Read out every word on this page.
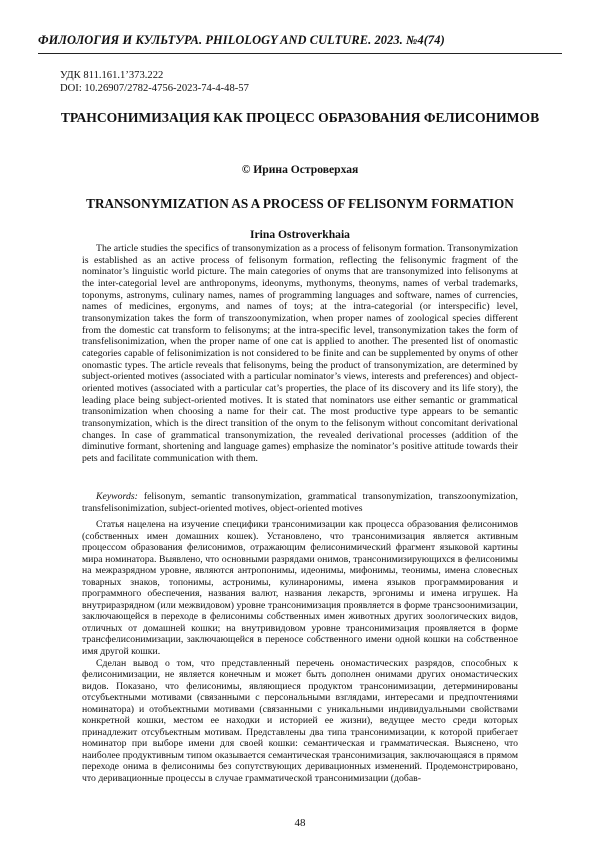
ФИЛОЛОГИЯ И КУЛЬТУРА. PHILOLOGY AND CULTURE. 2023. №4(74)
УДК 811.161.1’373.222
DOI: 10.26907/2782-4756-2023-74-4-48-57
ТРАНСОНИМИЗАЦИЯ КАК ПРОЦЕСС ОБРАЗОВАНИЯ ФЕЛИСОНИМОВ
© Ирина Островерхая
TRANSONYMIZATION AS A PROCESS OF FELISONYM FORMATION
Irina Ostroverkhaia
The article studies the specifics of transonymization as a process of felisonym formation. Transonymization is established as an active process of felisonym formation, reflecting the felisonymic fragment of the nominator’s linguistic world picture. The main categories of onyms that are transonymized into felisonyms at the inter-categorial level are anthroponyms, ideonyms, mythonyms, theonyms, names of verbal trademarks, toponyms, astronyms, culinary names, names of programming languages and software, names of currencies, names of medicines, ergonyms, and names of toys; at the intra-categorial (or interspecific) level, transonymization takes the form of transzoonymization, when proper names of zoological species different from the domestic cat transform to felisonyms; at the intra-specific level, transonymization takes the form of transfelisonimization, when the proper name of one cat is applied to another. The presented list of onomastic categories capable of felisonimization is not considered to be finite and can be supplemented by onyms of other onomastic types. The article reveals that felisonyms, being the product of transonymization, are determined by subject-oriented motives (associated with a particular nominator’s views, interests and preferences) and object-oriented motives (associated with a particular cat’s properties, the place of its discovery and its life story), the leading place being subject-oriented motives. It is stated that nominators use either semantic or grammatical transonimization when choosing a name for their cat. The most productive type appears to be semantic transonymization, which is the direct transition of the onym to the felisonym without concomitant derivational changes. In case of grammatical transonymization, the revealed derivational processes (addition of the diminutive formant, shortening and language games) emphasize the nominator’s positive attitude towards their pets and facilitate communication with them.
Keywords: felisonym, semantic transonymization, grammatical transonymization, transzoonymization, transfelisonimization, subject-oriented motives, object-oriented motives

Статья нацелена на изучение специфики трансонимизации как процесса образования фелисонимов (собственных имен домашних кошек). Установлено, что трансонимизация является активным процессом образования фелисонимов, отражающим фелисонимический фрагмент языковой картины мира номинатора. Выявлено, что основными разрядами онимов, трансонимизирующихся в фелисонимы на межразрядном уровне, являются антропонимы, идеонимы, мифонимы, теонимы, имена словесных товарных знаков, топонимы, астронимы, кулинаронимы, имена языков программирования и программного обеспечения, названия валют, названия лекарств, эргонимы и имена игрушек. На внутриразрядном (или межвидовом) уровне трансонимизация проявляется в форме трансзоонимизации, заключающейся в переходе в фелисонимы собственных имен животных других зоологических видов, отличных от домашней кошки; на внутривидовом уровне трансонимизация проявляется в форме трансфелисонимизации, заключающейся в переносе собственного имени одной кошки на собственное имя другой кошки.

Сделан вывод о том, что представленный перечень ономастических разрядов, способных к фелисонимизации, не является конечным и может быть дополнен онимами других ономастических видов. Показано, что фелисонимы, являющиеся продуктом трансонимизации, детерминированы отсубъектными мотивами (связанными с персональными взглядами, интересами и предпочтениями номинатора) и отобъектными мотивами (связанными с уникальными индивидуальными свойствами конкретной кошки, местом ее находки и историей ее жизни), ведущее место среди которых принадлежит отсубъектным мотивам. Представлены два типа трансонимизации, к которой прибегает номинатор при выборе имени для своей кошки: семантическая и грамматическая. Выяснено, что наиболее продуктивным типом оказывается семантическая трансонимизация, заключающаяся в прямом переходе онима в фелисонимы без сопутствующих деривационных изменений. Продемонстрировано, что деривационные процессы в случае грамматической трансонимизации (добав-

48
